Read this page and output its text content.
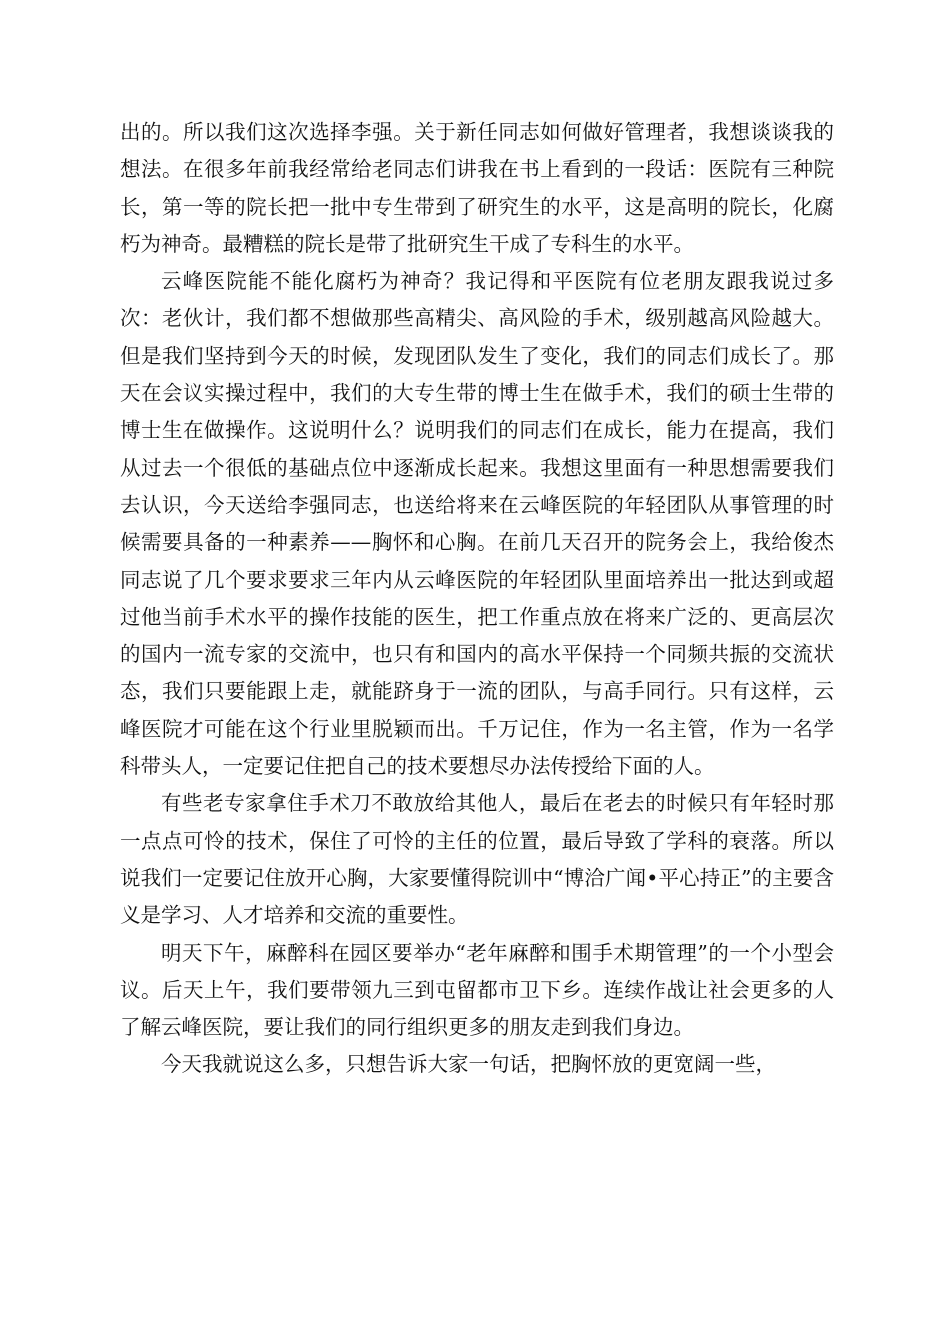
出的。所以我们这次选择李强。关于新任同志如何做好管理者，我想谈谈我的想法。在很多年前我经常给老同志们讲我在书上看到的一段话：医院有三种院长，第一等的院长把一批中专生带到了研究生的水平，这是高明的院长，化腐朽为神奇。最糟糕的院长是带了批研究生干成了专科生的水平。

云峰医院能不能化腐朽为神奇？我记得和平医院有位老朋友跟我说过多次：老伙计，我们都不想做那些高精尖、高风险的手术，级别越高风险越大。但是我们坚持到今天的时候，发现团队发生了变化，我们的同志们成长了。那天在会议实操过程中，我们的大专生带的博士生在做手术，我们的硕士生带的博士生在做操作。这说明什么？说明我们的同志们在成长，能力在提高，我们从过去一个很低的基础点位中逐渐成长起来。我想这里面有一种思想需要我们去认识，今天送给李强同志，也送给将来在云峰医院的年轻团队从事管理的时候需要具备的一种素养——胸怀和心胸。在前几天召开的院务会上，我给俊杰同志说了几个要求要求三年内从云峰医院的年轻团队里面培养出一批达到或超过他当前手术水平的操作技能的医生，把工作重点放在将来广泛的、更高层次的国内一流专家的交流中，也只有和国内的高水平保持一个同频共振的交流状态，我们只要能跟上走，就能跻身于一流的团队，与高手同行。只有这样，云峰医院才可能在这个行业里脱颖而出。千万记住，作为一名主管，作为一名学科带头人，一定要记住把自己的技术要想尽办法传授给下面的人。

有些老专家拿住手术刀不敢放给其他人，最后在老去的时候只有年轻时那一点点可怜的技术，保住了可怜的主任的位置，最后导致了学科的衰落。所以说我们一定要记住放开心胸，大家要懂得院训中“博洽广闻•平心持正”的主要含义是学习、人才培养和交流的重要性。

明天下午，麻醉科在园区要举办“老年麻醉和围手术期管理”的一个小型会议。后天上午，我们要带领九三到屯留都市卫下乡。连续作战让社会更多的人了解云峰医院，要让我们的同行组织更多的朋友走到我们身边。

今天我就说这么多，只想告诉大家一句话，把胸怀放的更宽阔一些，
